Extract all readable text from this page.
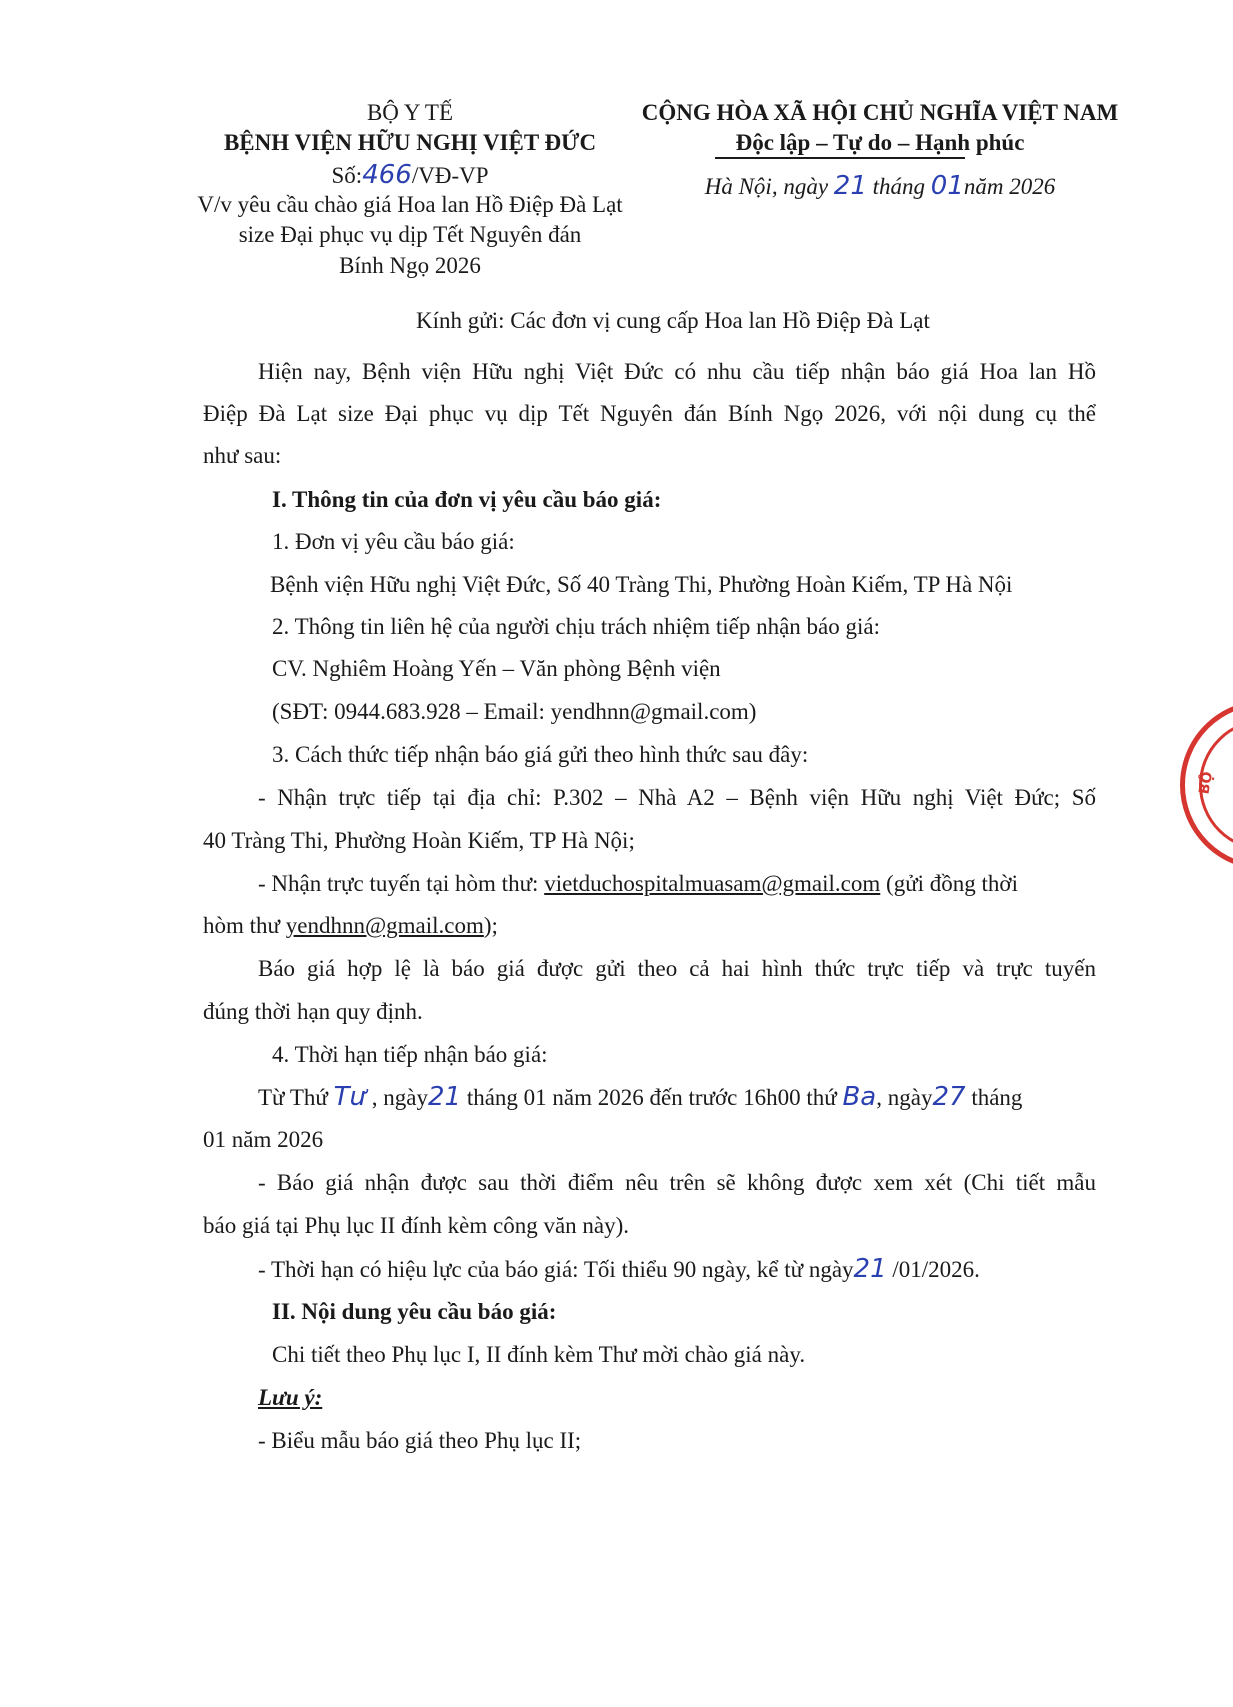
BỘ Y TẾ
BỆNH VIỆN HỮU NGHỊ VIỆT ĐỨC
Số:466/VĐ-VP
V/v yêu cầu chào giá Hoa lan Hồ Điệp Đà Lạt
size Đại phục vụ dịp Tết Nguyên đán
Bính Ngọ 2026
CỘNG HÒA XÃ HỘI CHỦ NGHĨA VIỆT NAM
Độc lập – Tự do – Hạnh phúc
Hà Nội, ngày 21 tháng 01năm 2026
Kính gửi: Các đơn vị cung cấp Hoa lan Hồ Điệp Đà Lạt
Hiện nay, Bệnh viện Hữu nghị Việt Đức có nhu cầu tiếp nhận báo giá Hoa lan Hồ
Điệp Đà Lạt size Đại phục vụ dịp Tết Nguyên đán Bính Ngọ 2026, với nội dung cụ thể
như sau:
I. Thông tin của đơn vị yêu cầu báo giá:
1. Đơn vị yêu cầu báo giá:
Bệnh viện Hữu nghị Việt Đức, Số 40 Tràng Thi, Phường Hoàn Kiếm, TP Hà Nội
2. Thông tin liên hệ của người chịu trách nhiệm tiếp nhận báo giá:
CV. Nghiêm Hoàng Yến – Văn phòng Bệnh viện
(SĐT: 0944.683.928 – Email: yendhnn@gmail.com)
3. Cách thức tiếp nhận báo giá gửi theo hình thức sau đây:
- Nhận trực tiếp tại địa chỉ: P.302 – Nhà A2 – Bệnh viện Hữu nghị Việt Đức; Số
40 Tràng Thi, Phường Hoàn Kiếm, TP Hà Nội;
- Nhận trực tuyến tại hòm thư: vietduchospitalmuasam@gmail.com (gửi đồng thời
hòm thư yendhnn@gmail.com);
Báo giá hợp lệ là báo giá được gửi theo cả hai hình thức trực tiếp và trực tuyến
đúng thời hạn quy định.
4. Thời hạn tiếp nhận báo giá:
Từ Thứ Tư , ngày21 tháng 01 năm 2026 đến trước 16h00 thứ Ba, ngày27 tháng
01 năm 2026
- Báo giá nhận được sau thời điểm nêu trên sẽ không được xem xét (Chi tiết mẫu
báo giá tại Phụ lục II đính kèm công văn này).
- Thời hạn có hiệu lực của báo giá: Tối thiểu 90 ngày, kể từ ngày21 /01/2026.
II. Nội dung yêu cầu báo giá:
Chi tiết theo Phụ lục I, II đính kèm Thư mời chào giá này.
Lưu ý:
- Biểu mẫu báo giá theo Phụ lục II;
BỘ
